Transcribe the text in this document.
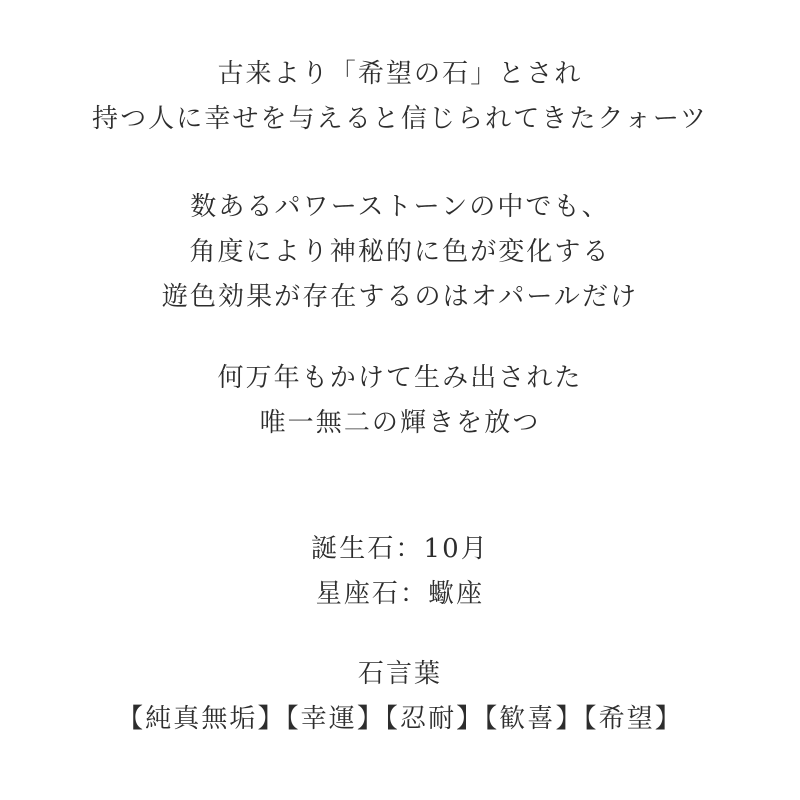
古来より「希望の石」とされ
持つ人に幸せを与えると信じられてきたクォーツ

数あるパワーストーンの中でも、
角度により神秘的に色が変化する
遊色効果が存在するのはオパールだけ

何万年もかけて生み出された
唯一無二の輝きを放つ

誕生石：10月
星座石：蠍座

石言葉
【純真無垢】【幸運】【忍耐】【歓喜】【希望】
